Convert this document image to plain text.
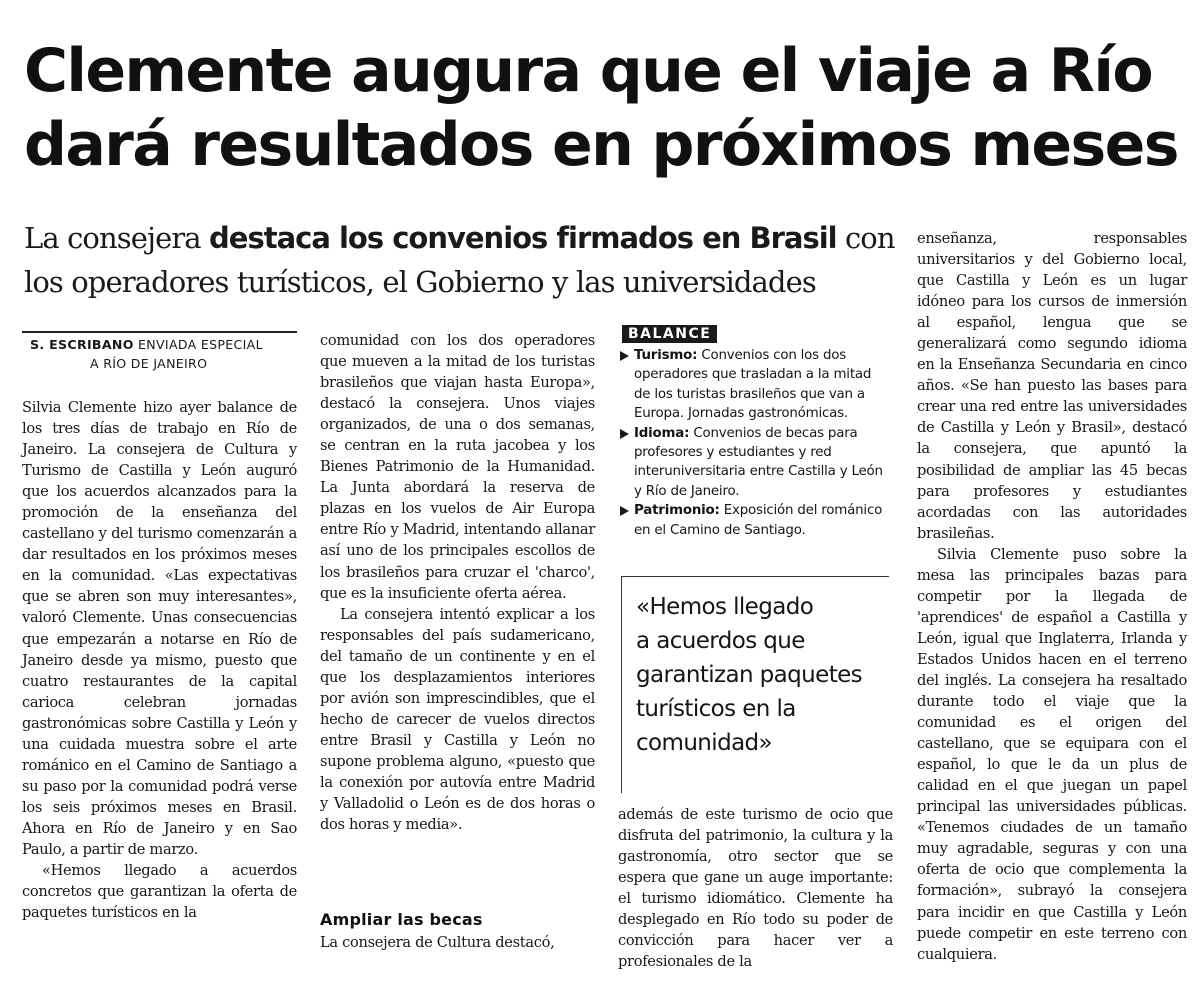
Clemente augura que el viaje a Río
dará resultados en próximos meses
La consejera destaca los convenios firmados en Brasil con
los operadores turísticos, el Gobierno y las universidades
S. ESCRIBANO ENVIADA ESPECIAL
A RÍO DE JANEIRO

Silvia Clemente hizo ayer balance de los tres días de trabajo en Río de Janeiro. La consejera de Cultura y Turismo de Castilla y León auguró que los acuerdos alcanzados para la promoción de la enseñanza del castellano y del turismo comenzarán a dar resultados en los próximos meses en la comunidad. «Las expectativas que se abren son muy interesantes», valoró Clemente. Unas consecuencias que empezarán a notarse en Río de Janeiro desde ya mismo, puesto que cuatro restaurantes de la capital carioca celebran jornadas gastronómicas sobre Castilla y León y una cuidada muestra sobre el arte románico en el Camino de Santiago a su paso por la comunidad podrá verse los seis próximos meses en Brasil. Ahora en Río de Janeiro y en Sao Paulo, a partir de marzo.

«Hemos llegado a acuerdos concretos que garantizan la oferta de paquetes turísticos en la

comunidad con los dos operadores que mueven a la mitad de los turistas brasileños que viajan hasta Europa», destacó la consejera. Unos viajes organizados, de una o dos semanas, se centran en la ruta jacobea y los Bienes Patrimonio de la Humanidad. La Junta abordará la reserva de plazas en los vuelos de Air Europa entre Río y Madrid, intentando allanar así uno de los principales escollos de los brasileños para cruzar el 'charco', que es la insuficiente oferta aérea.

La consejera intentó explicar a los responsables del país sudamericano, del tamaño de un continente y en el que los desplazamientos interiores por avión son imprescindibles, que el hecho de carecer de vuelos directos entre Brasil y Castilla y León no supone problema alguno, «puesto que la conexión por autovía entre Madrid y Valladolid o León es de dos horas o dos horas y media».

Ampliar las becas

La consejera de Cultura destacó,

BALANCE

Turismo: Convenios con los dos operadores que trasladan a la mitad de los turistas brasileños que van a Europa. Jornadas gastronómicas.

Idioma: Convenios de becas para profesores y estudiantes y red interuniversitaria entre Castilla y León y Río de Janeiro.

Patrimonio: Exposición del románico en el Camino de Santiago.

«Hemos llegado
a acuerdos que
garantizan paquetes
turísticos en la
comunidad»

además de este turismo de ocio que disfruta del patrimonio, la cultura y la gastronomía, otro sector que se espera que gane un auge importante: el turismo idiomático. Clemente ha desplegado en Río todo su poder de convicción para hacer ver a profesionales de la

enseñanza, responsables universitarios y del Gobierno local, que Castilla y León es un lugar idóneo para los cursos de inmersión al español, lengua que se generalizará como segundo idioma en la Enseñanza Secundaria en cinco años. «Se han puesto las bases para crear una red entre las universidades de Castilla y León y Brasil», destacó la consejera, que apuntó la posibilidad de ampliar las 45 becas para profesores y estudiantes acordadas con las autoridades brasileñas.

Silvia Clemente puso sobre la mesa las principales bazas para competir por la llegada de 'aprendices' de español a Castilla y León, igual que Inglaterra, Irlanda y Estados Unidos hacen en el terreno del inglés. La consejera ha resaltado durante todo el viaje que la comunidad es el origen del castellano, que se equipara con el español, lo que le da un plus de calidad en el que juegan un papel principal las universidades públicas. «Tenemos ciudades de un tamaño muy agradable, seguras y con una oferta de ocio que complementa la formación», subrayó la consejera para incidir en que Castilla y León puede competir en este terreno con cualquiera.
